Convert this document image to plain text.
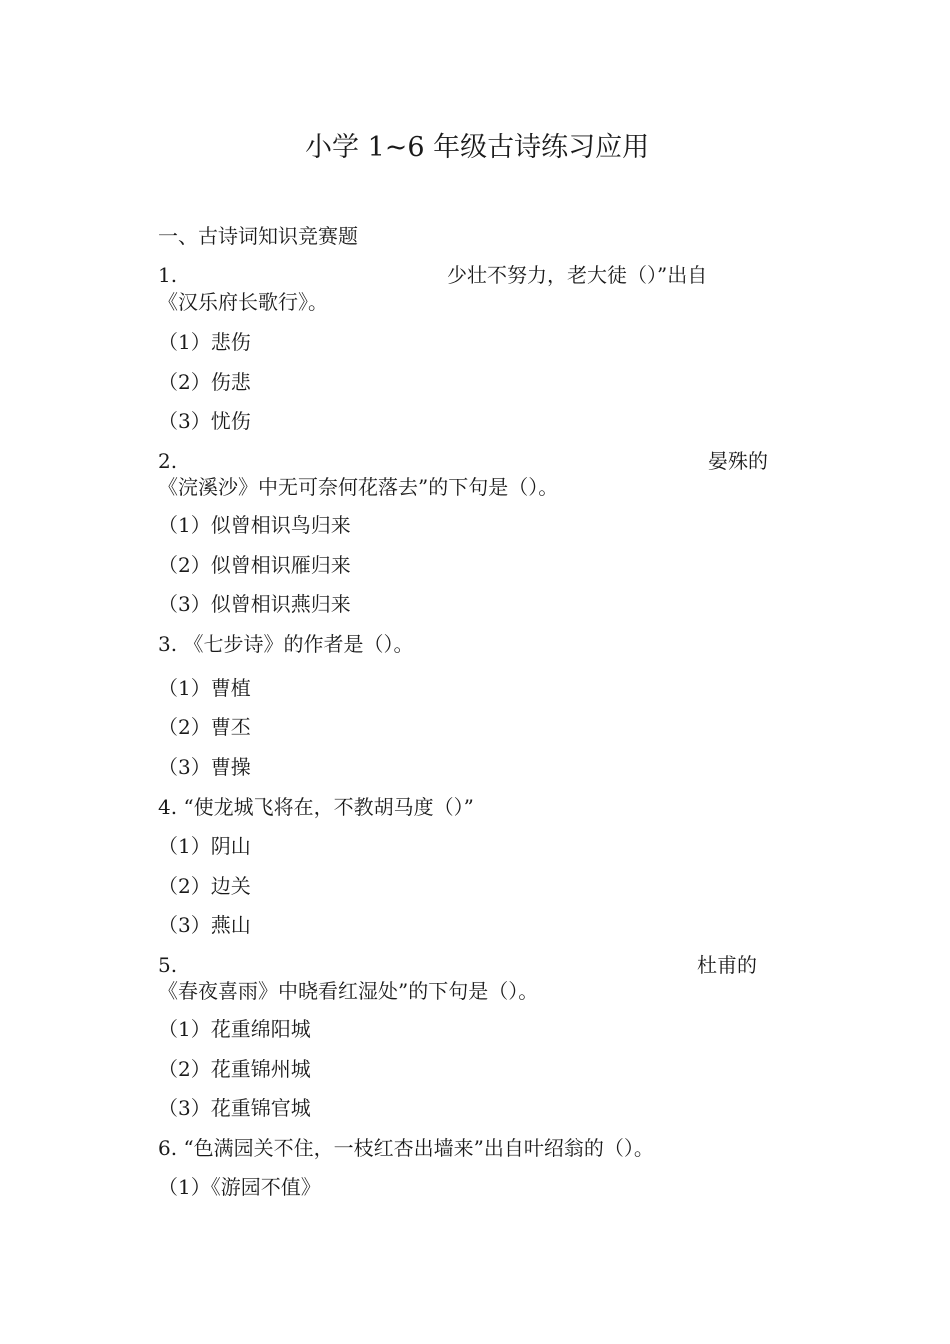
小学 1~6 年级古诗练习应用
一、古诗词知识竞赛题
1.	少壮不努力，老大徒（）”出自
《汉乐府长歌行》。
（1）悲伤
（2）伤悲
（3）忧伤
2.	晏殊的
《浣溪沙》中无可奈何花落去”的下句是（）。
（1）似曾相识鸟归来
（2）似曾相识雁归来
（3）似曾相识燕归来
3. 《七步诗》的作者是（）。
（1）曹植
（2）曹丕
（3）曹操
4. “使龙城飞将在，不教胡马度（）”
（1）阴山
（2）边关
（3）燕山
5.	杜甫的
《春夜喜雨》中晓看红湿处”的下句是（）。
（1）花重绵阳城
（2）花重锦州城
（3）花重锦官城
6. “色满园关不住，一枝红杏出墙来”出自叶绍翁的（）。
（1）《游园不值》
